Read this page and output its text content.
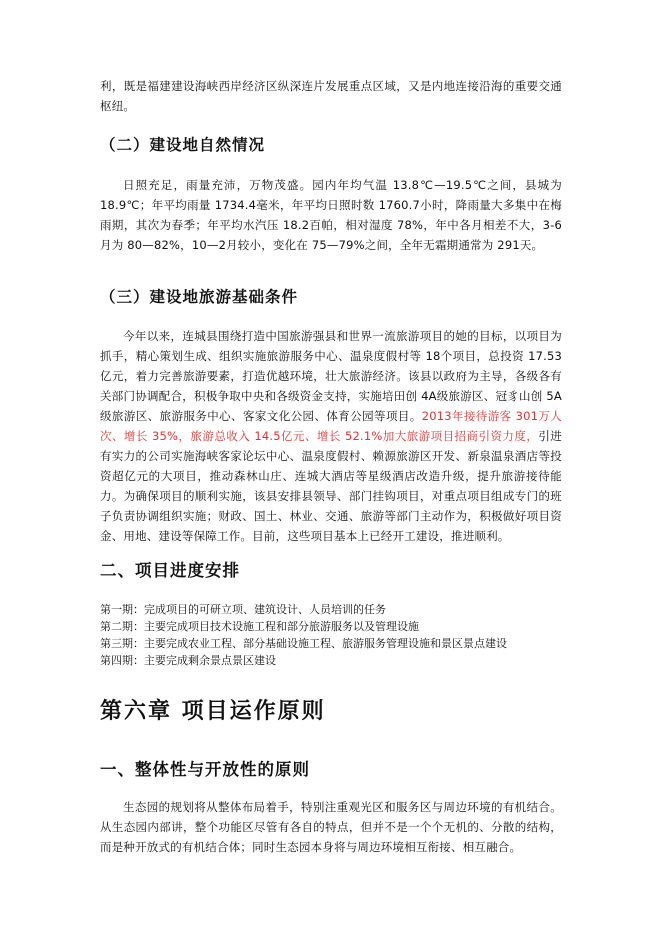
利，既是福建建设海峡西岸经济区纵深连片发展重点区域，又是内地连接沿海的重要交通枢纽。

（二）建设地自然情况

日照充足，雨量充沛，万物茂盛。园内年均气温 13.8℃—19.5℃之间，县城为 18.9℃；年平均雨量 1734.4毫米，年平均日照时数 1760.7小时，降雨量大多集中在梅雨期，其次为春季；年平均水汽压 18.2百帕，相对湿度 78%，年中各月相差不大，3-6月为 80—82%，10—2月较小，变化在 75—79%之间，全年无霜期通常为 291天。

（三）建设地旅游基础条件

今年以来，连城县围绕打造中国旅游强县和世界一流旅游项目的她的目标，以项目为抓手，精心策划生成、组织实施旅游服务中心、温泉度假村等 18个项目，总投资 17.53亿元，着力完善旅游要素，打造优越环境，壮大旅游经济。该县以政府为主导，各级各有关部门协调配合，积极争取中央和各级资金支持，实施培田创 4A级旅游区、冠豸山创 5A级旅游区、旅游服务中心、客家文化公园、体育公园等项目。2013年接待游客 301万人次、增长 35%，旅游总收入 14.5亿元、增长 52.1%加大旅游项目招商引资力度，引进有实力的公司实施海峡客家论坛中心、温泉度假村、赖源旅游区开发、新泉温泉酒店等投资超亿元的大项目，推动森林山庄、连城大酒店等星级酒店改造升级，提升旅游接待能力。为确保项目的顺利实施，该县安排县领导、部门挂钩项目，对重点项目组成专门的班子负责协调组织实施；财政、国土、林业、交通、旅游等部门主动作为，积极做好项目资金、用地、建设等保障工作。目前，这些项目基本上已经开工建设，推进顺利。

二、项目进度安排

第一期：完成项目的可研立项、建筑设计、人员培训的任务

第二期：主要完成项目技术设施工程和部分旅游服务以及管理设施

第三期：主要完成农业工程、部分基础设施工程、旅游服务管理设施和景区景点建设

第四期：主要完成剩余景点景区建设

第六章 项目运作原则
一、整体性与开放性的原则

生态园的规划将从整体布局着手，特别注重观光区和服务区与周边环境的有机结合。从生态园内部讲，整个功能区尽管有各自的特点，但并不是一个个无机的、分散的结构，而是种开放式的有机结合体；同时生态园本身将与周边环境相互衔接、相互融合。
